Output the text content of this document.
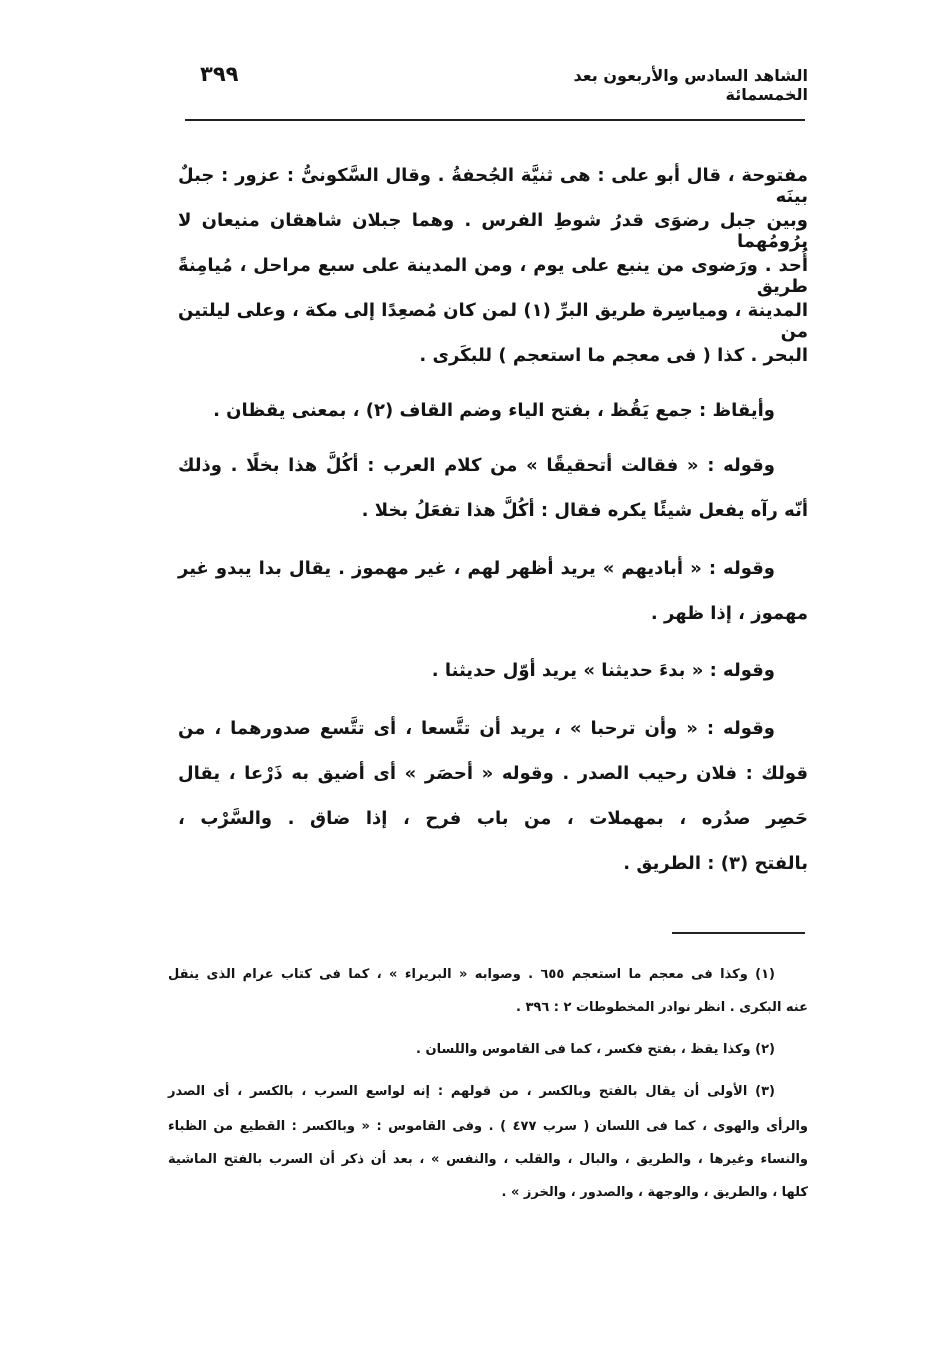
الشاهد السادس والأربعون بعد الخمسمائة
٣٩٩
مفتوحة ، قال أبو على : هى ثنيَّة الجُحفةُ . وقال السَّكونىُّ : عزور : جبلٌ بينَه
وبين جبل رضوَى قدرُ شوطِ الفرس . وهما جبلان شاهقان منيعان لا يرُومُهما
أُحد . ورَضوى من ينبع على يوم ، ومن المدينة على سبع مراحل ، مُيامِنةً طريق
المدينة ، ومياسِرة طريق البرِّ (١) لمن كان مُصعِدًا إلى مكة ، وعلى ليلتين من
البحر . كذا ( فى معجم ما استعجم ) للبكَرى .
وأيقاظ : جمع يَقُظ ، بفتح الياء وضم القاف (٢) ، بمعنى يقظان .
وقوله : « فقالت أتحقيقًا » من كلام العرب : أكُلَّ هذا بخلًا . وذلك
أنّه رآه يفعل شيئًا يكره فقال : أكُلَّ هذا تفعَلُ بخلا .
وقوله : « أباديهم » يريد أظهر لهم ، غير مهموز . يقال بدا يبدو غير
مهموز ، إذا ظهر .
وقوله : « بدءَ حديثنا » يريد أوّل حديثنا .
وقوله : « وأن ترحبا » ، يريد أن تتَّسعا ، أى تتَّسع صدورهما ، من
قولك : فلان رحيب الصدر . وقوله « أحصَر » أى أضيق به ذَرْعا ، يقال
حَصِر صدُره ، بمهملات ، من باب فرح ، إذا ضاق . والسَّرْب ،
بالفتح (٣) : الطريق .
(١) وكذا فى معجم ما استعجم ٦٥٥ . وصوابه « البريراء » ، كما فى كتاب عرام الذى ينقل
عنه البكرى . انظر نوادر المخطوطات ٢ : ٣٩٦ .
(٢) وكذا يقظ ، بفتح فكسر ، كما فى القاموس واللسان .
(٣) الأولى أن يقال بالفتح وبالكسر ، من قولهم : إنه لواسع السرب ، بالكسر ، أى الصدر
والرأى والهوى ، كما فى اللسان ( سرب ٤٧٧ ) . وفى القاموس : « وبالكسر : القطيع من الظباء
والنساء وغيرها ، والطريق ، والبال ، والقلب ، والنفس » ، بعد أن ذكر أن السرب بالفتح الماشية
كلها ، والطريق ، والوجهة ، والصدور ، والخرز » .
